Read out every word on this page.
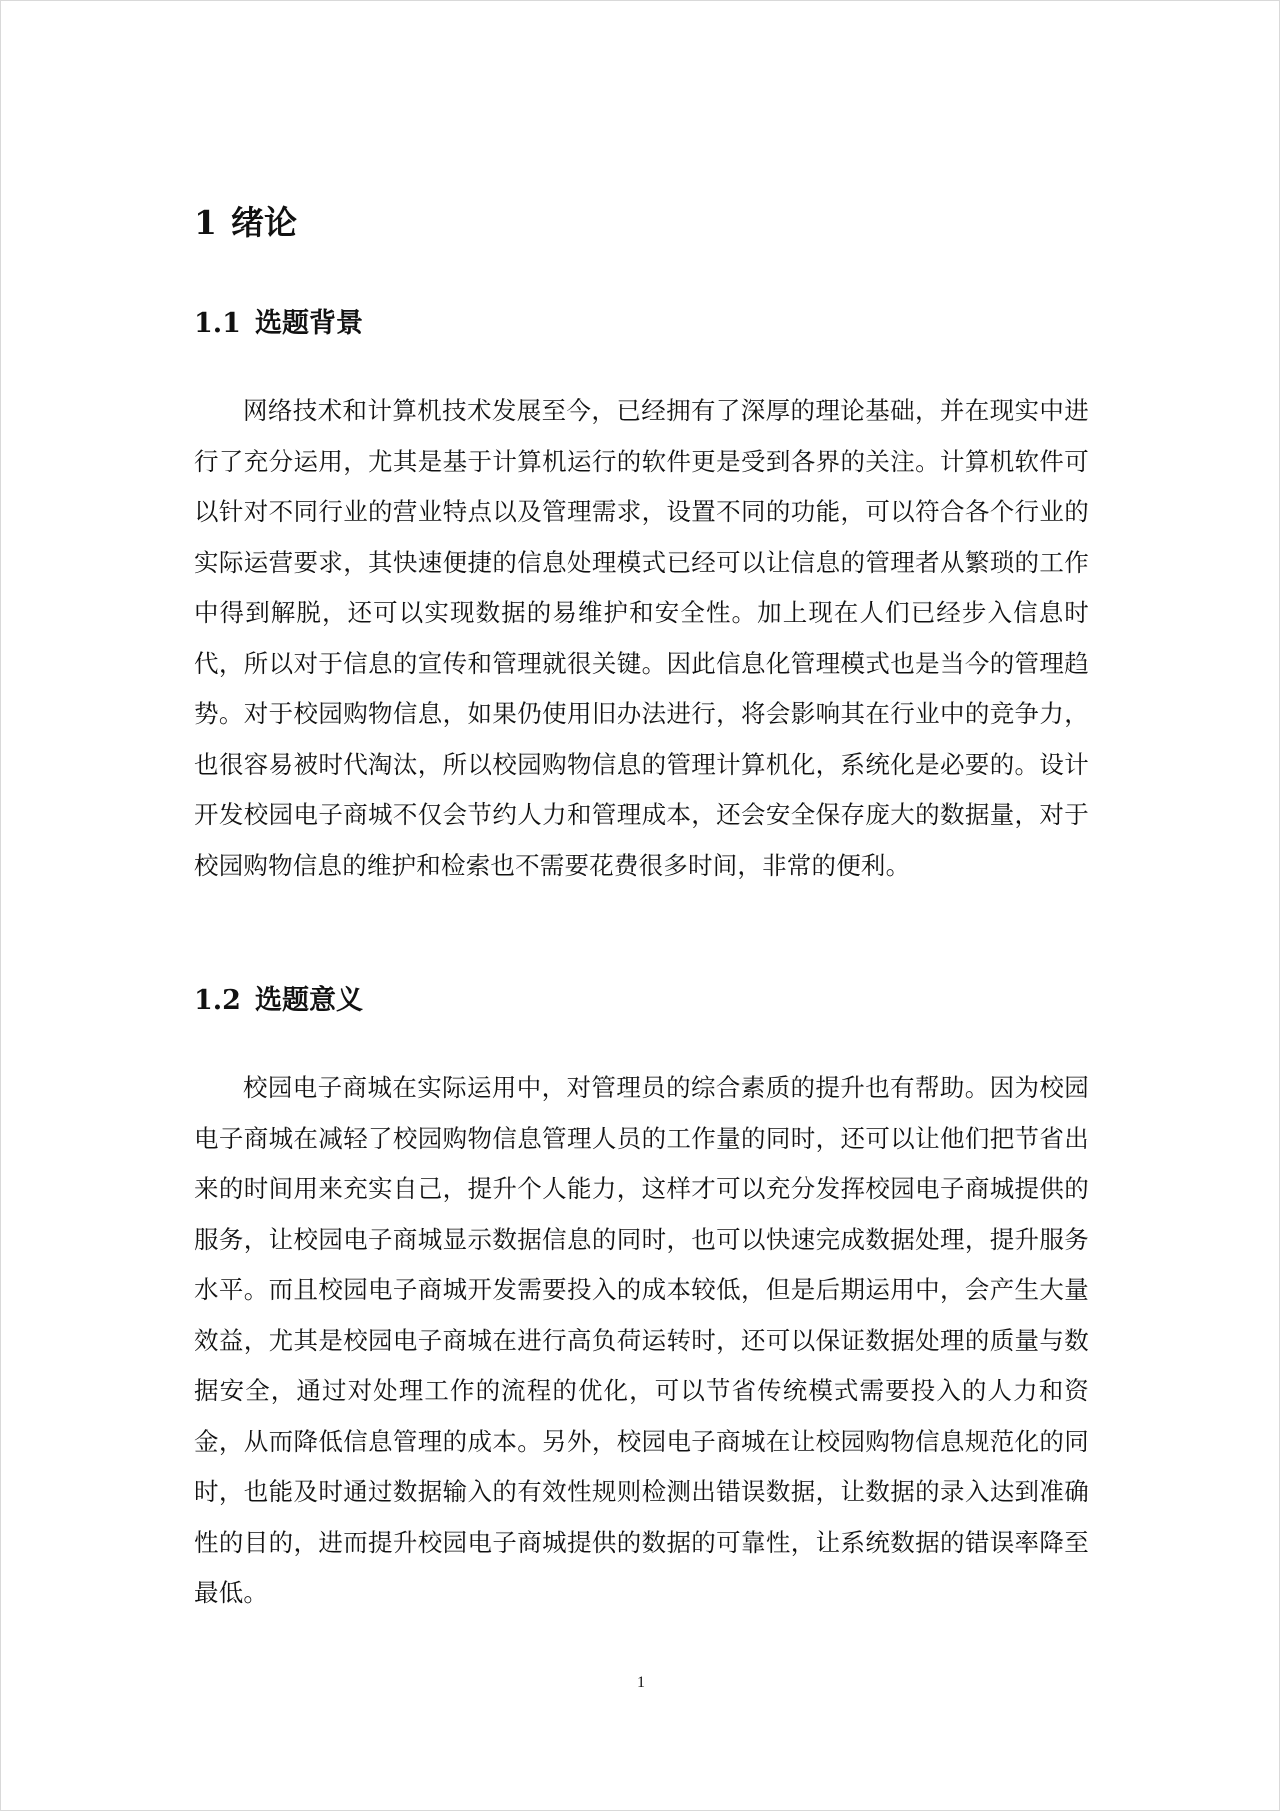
1 绪论
1.1 选题背景

网络技术和计算机技术发展至今，已经拥有了深厚的理论基础，并在现实中进行了充分运用，尤其是基于计算机运行的软件更是受到各界的关注。计算机软件可以针对不同行业的营业特点以及管理需求，设置不同的功能，可以符合各个行业的实际运营要求，其快速便捷的信息处理模式已经可以让信息的管理者从繁琐的工作中得到解脱，还可以实现数据的易维护和安全性。加上现在人们已经步入信息时代，所以对于信息的宣传和管理就很关键。因此信息化管理模式也是当今的管理趋势。对于校园购物信息，如果仍使用旧办法进行，将会影响其在行业中的竞争力，也很容易被时代淘汰，所以校园购物信息的管理计算机化，系统化是必要的。设计开发校园电子商城不仅会节约人力和管理成本，还会安全保存庞大的数据量，对于校园购物信息的维护和检索也不需要花费很多时间，非常的便利。

1.2 选题意义

校园电子商城在实际运用中，对管理员的综合素质的提升也有帮助。因为校园电子商城在减轻了校园购物信息管理人员的工作量的同时，还可以让他们把节省出来的时间用来充实自己，提升个人能力，这样才可以充分发挥校园电子商城提供的服务，让校园电子商城显示数据信息的同时，也可以快速完成数据处理，提升服务水平。而且校园电子商城开发需要投入的成本较低，但是后期运用中，会产生大量效益，尤其是校园电子商城在进行高负荷运转时，还可以保证数据处理的质量与数据安全，通过对处理工作的流程的优化，可以节省传统模式需要投入的人力和资金，从而降低信息管理的成本。另外，校园电子商城在让校园购物信息规范化的同时，也能及时通过数据输入的有效性规则检测出错误数据，让数据的录入达到准确性的目的，进而提升校园电子商城提供的数据的可靠性，让系统数据的错误率降至最低。

1
